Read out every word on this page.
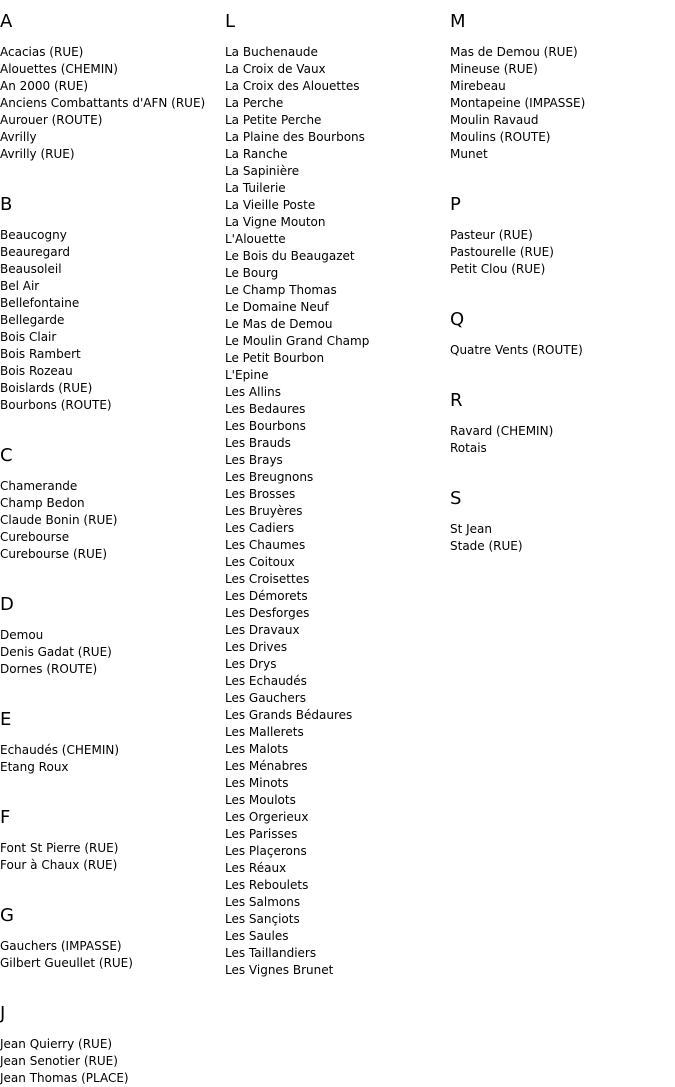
A
Acacias (RUE)
Alouettes (CHEMIN)
An 2000 (RUE)
Anciens Combattants d'AFN (RUE)
Aurouer (ROUTE)
Avrilly
Avrilly (RUE)
B
Beaucogny
Beauregard
Beausoleil
Bel Air
Bellefontaine
Bellegarde
Bois Clair
Bois Rambert
Bois Rozeau
Boislards (RUE)
Bourbons (ROUTE)
C
Chamerande
Champ Bedon
Claude Bonin (RUE)
Curebourse
Curebourse (RUE)
D
Demou
Denis Gadat (RUE)
Dornes (ROUTE)
E
Echaudés (CHEMIN)
Etang Roux
F
Font St Pierre (RUE)
Four à Chaux (RUE)
G
Gauchers (IMPASSE)
Gilbert Gueullet (RUE)
J
Jean Quierry (RUE)
Jean Senotier (RUE)
Jean Thomas (PLACE)
L
La Buchenaude
La Croix de Vaux
La Croix des Alouettes
La Perche
La Petite Perche
La Plaine des Bourbons
La Ranche
La Sapinière
La Tuilerie
La Vieille Poste
La Vigne Mouton
L'Alouette
Le Bois du Beaugazet
Le Bourg
Le Champ Thomas
Le Domaine Neuf
Le Mas de Demou
Le Moulin Grand Champ
Le Petit Bourbon
L'Epine
Les Allins
Les Bedaures
Les Bourbons
Les Brauds
Les Brays
Les Breugnons
Les Brosses
Les Bruyères
Les Cadiers
Les Chaumes
Les Coitoux
Les Croisettes
Les Démorets
Les Desforges
Les Dravaux
Les Drives
Les Drys
Les Echaudés
Les Gauchers
Les Grands Bédaures
Les Mallerets
Les Malots
Les Ménabres
Les Minots
Les Moulots
Les Orgerieux
Les Parisses
Les Plaçerons
Les Réaux
Les Reboulets
Les Salmons
Les Sançiots
Les Saules
Les Taillandiers
Les Vignes Brunet
M
Mas de Demou (RUE)
Mineuse (RUE)
Mirebeau
Montapeine (IMPASSE)
Moulin Ravaud
Moulins (ROUTE)
Munet
P
Pasteur (RUE)
Pastourelle (RUE)
Petit Clou (RUE)
Q
Quatre Vents (ROUTE)
R
Ravard (CHEMIN)
Rotais
S
St Jean
Stade (RUE)
